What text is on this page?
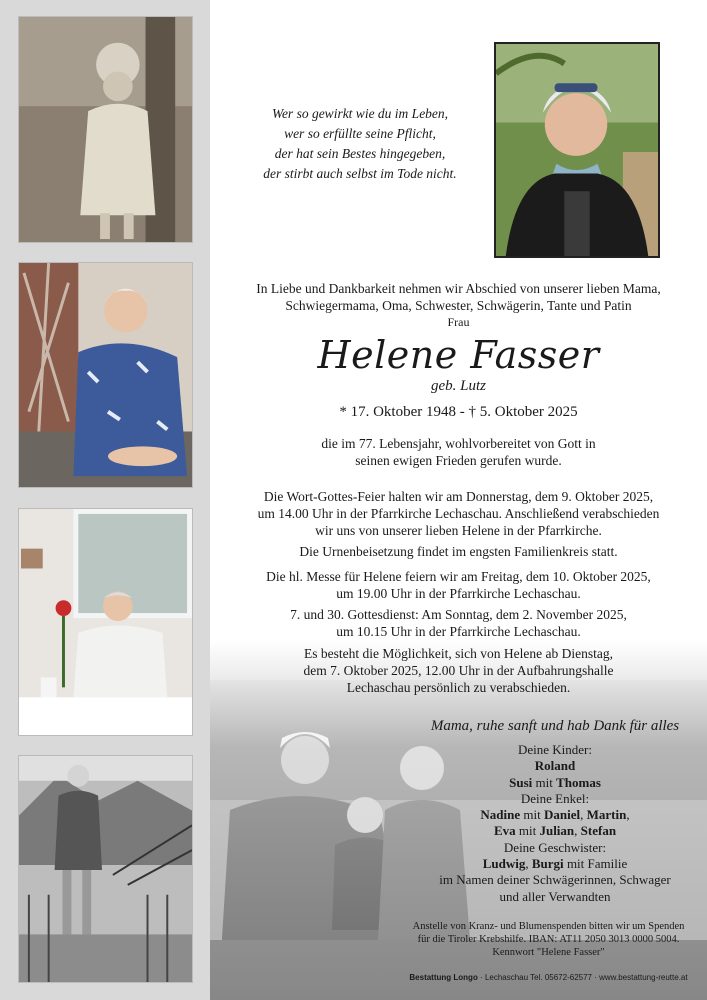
Wer so gewirkt wie du im Leben,
wer so erfüllte seine Pflicht,
der hat sein Bestes hingegeben,
der stirbt auch selbst im Tode nicht.
In Liebe und Dankbarkeit nehmen wir Abschied von unserer lieben Mama,
Schwiegermama, Oma, Schwester, Schwägerin, Tante und Patin
Frau
Helene Fasser
geb. Lutz
* 17. Oktober 1948 - † 5. Oktober 2025
die im 77. Lebensjahr, wohlvorbereitet von Gott in
seinen ewigen Frieden gerufen wurde.
Die Wort-Gottes-Feier halten wir am Donnerstag, dem 9. Oktober 2025,
um 14.00 Uhr in der Pfarrkirche Lechaschau. Anschließend verabschieden
wir uns von unserer lieben Helene in der Pfarrkirche.
Die Urnenbeisetzung findet im engsten Familienkreis statt.
Die hl. Messe für Helene feiern wir am Freitag, dem 10. Oktober 2025,
um 19.00 Uhr in der Pfarrkirche Lechaschau.
7. und 30. Gottesdienst: Am Sonntag, dem 2. November 2025,
um 10.15 Uhr in der Pfarrkirche Lechaschau.
Es besteht die Möglichkeit, sich von Helene ab Dienstag,
dem 7. Oktober 2025, 12.00 Uhr in der Aufbahrungshalle
Lechaschau persönlich zu verabschieden.
Mama, ruhe sanft und hab Dank für alles
Deine Kinder:
Roland
Susi mit Thomas
Deine Enkel:
Nadine mit Daniel, Martin,
Eva mit Julian, Stefan
Deine Geschwister:
Ludwig, Burgi mit Familie
im Namen deiner Schwägerinnen, Schwager
und aller Verwandten
Anstelle von Kranz- und Blumenspenden bitten wir um Spenden
für die Tiroler Krebshilfe. IBAN: AT11 2050 3013 0000 5004.
Kennwort "Helene Fasser"
Bestattung Longo · Lechaschau Tel. 05672-62577 · www.bestattung-reutte.at
